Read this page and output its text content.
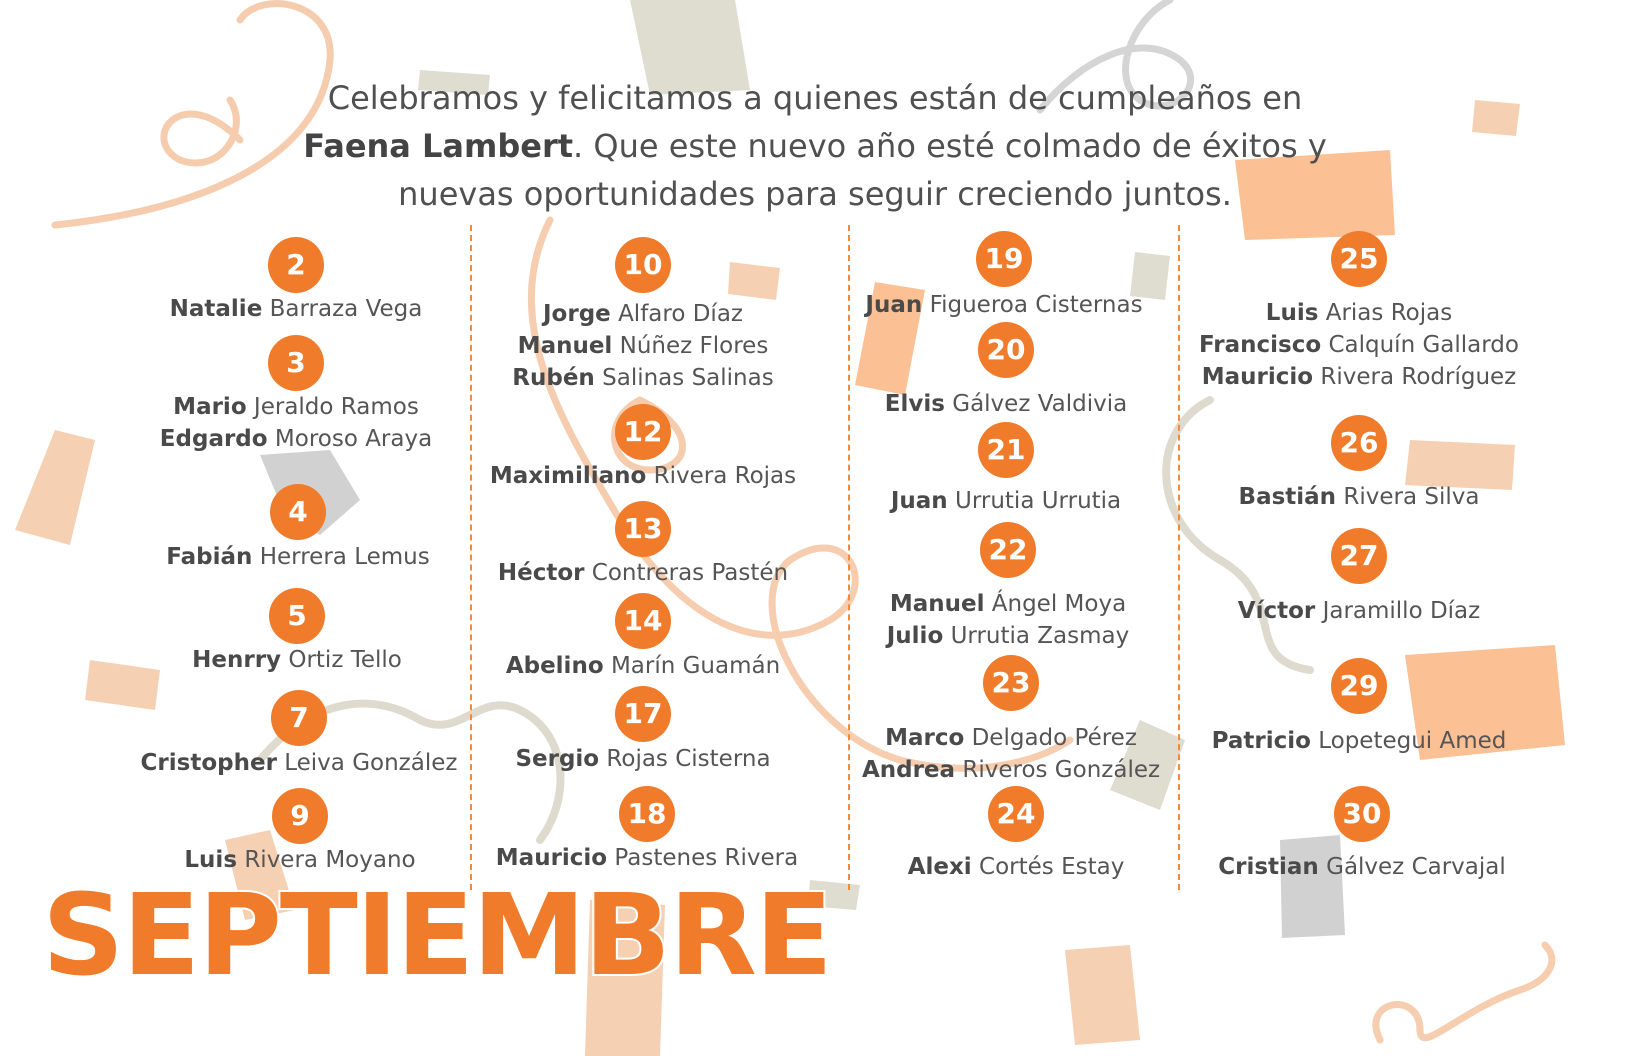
Celebramos y felicitamos a quienes están de cumpleaños en Faena Lambert. Que este nuevo año esté colmado de éxitos y nuevas oportunidades para seguir creciendo juntos.
2
Natalie Barraza Vega
3
Mario Jeraldo Ramos
Edgardo Moroso Araya
4
Fabián Herrera Lemus
5
Henrry Ortiz Tello
7
Cristopher Leiva González
9
Luis Rivera Moyano
10
Jorge Alfaro Díaz
Manuel Núñez Flores
Rubén Salinas Salinas
12
Maximiliano Rivera Rojas
13
Héctor Contreras Pastén
14
Abelino Marín Guamán
17
Sergio Rojas Cisterna
18
Mauricio Pastenes Rivera
19
Juan Figueroa Cisternas
20
Elvis Gálvez Valdivia
21
Juan Urrutia Urrutia
22
Manuel Ángel Moya
Julio Urrutia Zasmay
23
Marco Delgado Pérez
Andrea Riveros González
24
Alexi Cortés Estay
25
Luis Arias Rojas
Francisco Calquín Gallardo
Mauricio Rivera Rodríguez
26
Bastián Rivera Silva
27
Víctor Jaramillo Díaz
29
Patricio Lopetegui Amed
30
Cristian Gálvez Carvajal
SEPTIEMBRE
